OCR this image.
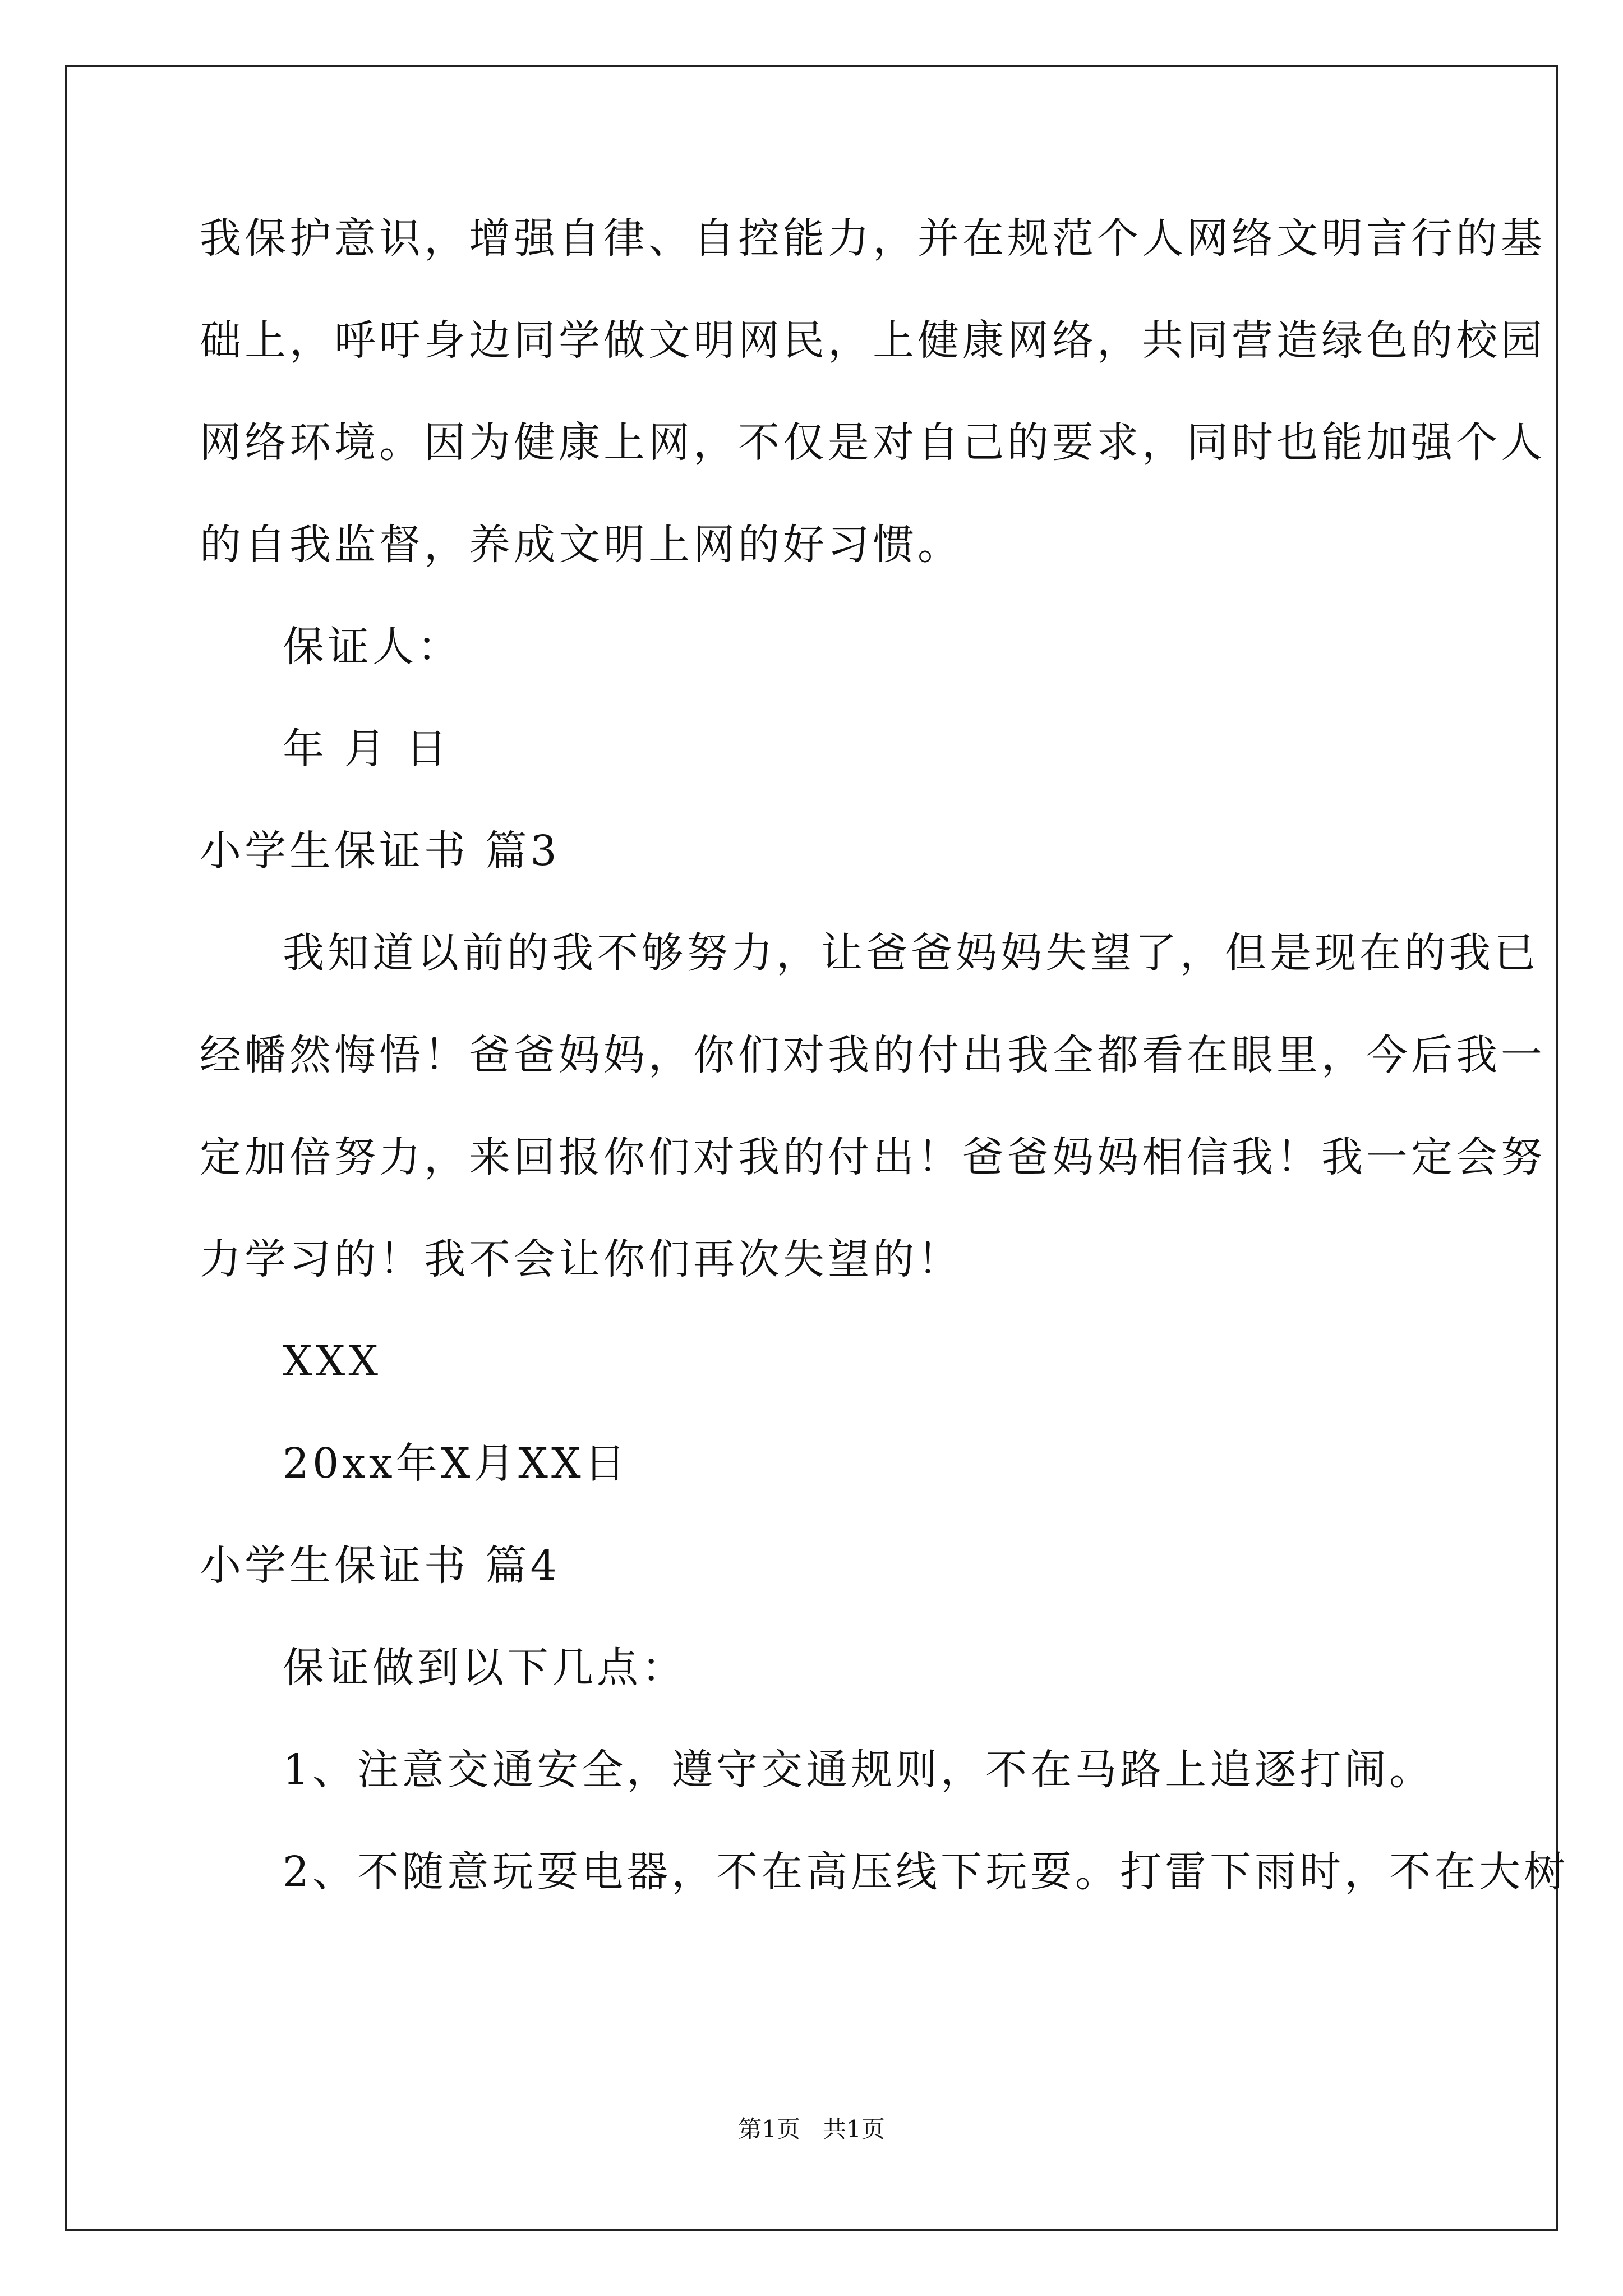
我保护意识，增强自律、自控能力，并在规范个人网络文明言行的基
础上，呼吁身边同学做文明网民，上健康网络，共同营造绿色的校园
网络环境。因为健康上网，不仅是对自己的要求，同时也能加强个人
的自我监督，养成文明上网的好习惯。
保证人：
年 月 日
小学生保证书 篇3
我知道以前的我不够努力，让爸爸妈妈失望了，但是现在的我已
经幡然悔悟！爸爸妈妈，你们对我的付出我全都看在眼里，今后我一
定加倍努力，来回报你们对我的付出！爸爸妈妈相信我！我一定会努
力学习的！我不会让你们再次失望的！
XXX
20xx年X月XX日
小学生保证书 篇4
保证做到以下几点：
1、注意交通安全，遵守交通规则，不在马路上追逐打闹。
2、不随意玩耍电器，不在高压线下玩耍。打雷下雨时，不在大树
第1页   共1页
